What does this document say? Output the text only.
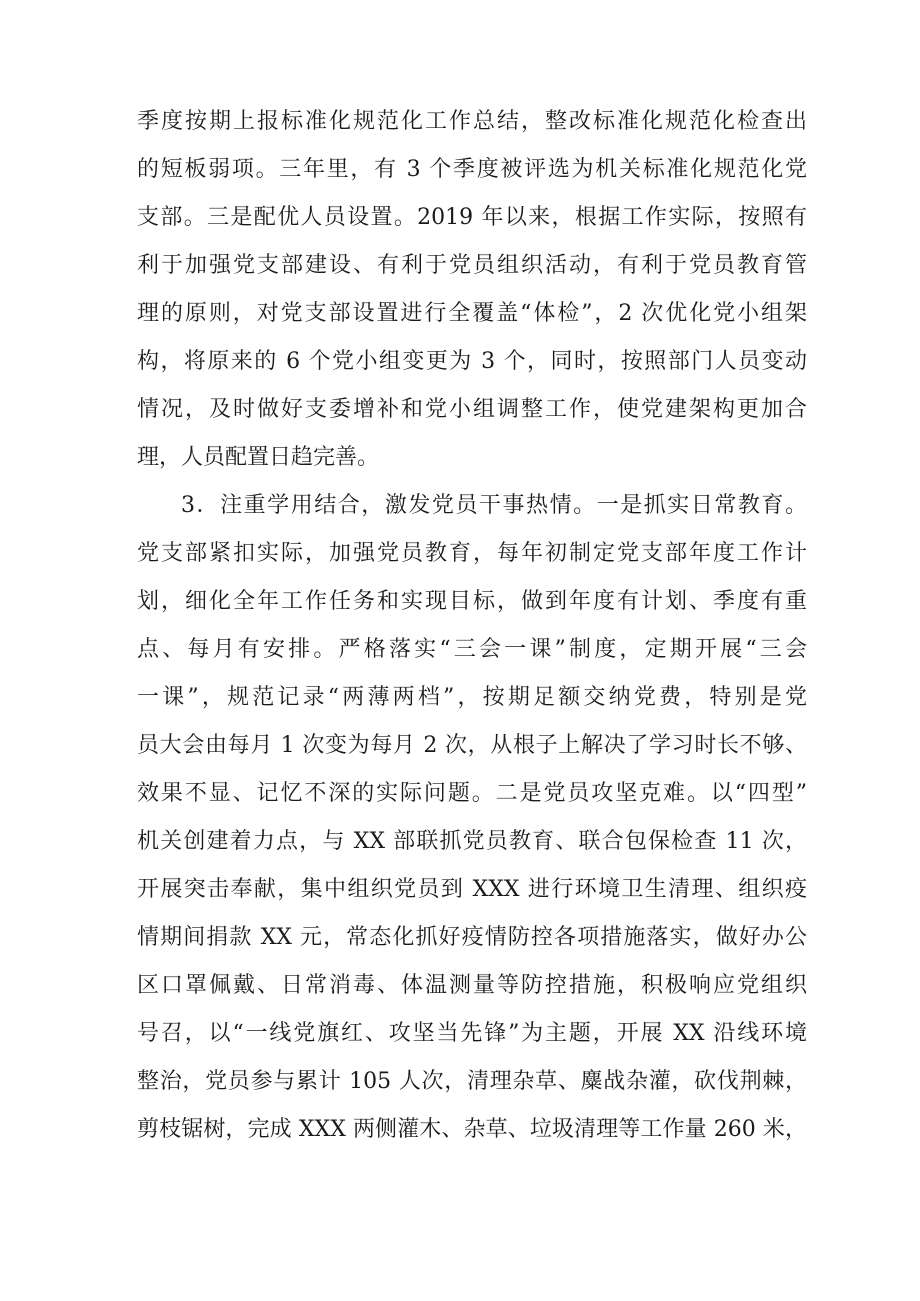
季度按期上报标准化规范化工作总结，整改标准化规范化检查出
的短板弱项。三年里，有 3 个季度被评选为机关标准化规范化党
支部。三是配优人员设置。2019 年以来，根据工作实际，按照有
利于加强党支部建设、有利于党员组织活动，有利于党员教育管
理的原则，对党支部设置进行全覆盖“体检”，2 次优化党小组架
构，将原来的 6 个党小组变更为 3 个，同时，按照部门人员变动
情况，及时做好支委增补和党小组调整工作，使党建架构更加合
理，人员配置日趋完善。
3．注重学用结合，激发党员干事热情。一是抓实日常教育。
党支部紧扣实际，加强党员教育，每年初制定党支部年度工作计
划，细化全年工作任务和实现目标，做到年度有计划、季度有重
点、每月有安排。严格落实“三会一课”制度，定期开展“三会
一课”，规范记录“两薄两档”，按期足额交纳党费，特别是党
员大会由每月 1 次变为每月 2 次，从根子上解决了学习时长不够、
效果不显、记忆不深的实际问题。二是党员攻坚克难。以“四型”
机关创建着力点，与 XX 部联抓党员教育、联合包保检查 11 次，
开展突击奉献，集中组织党员到 XXX 进行环境卫生清理、组织疫
情期间捐款 XX 元，常态化抓好疫情防控各项措施落实，做好办公
区口罩佩戴、日常消毒、体温测量等防控措施，积极响应党组织
号召，以“一线党旗红、攻坚当先锋”为主题，开展 XX 沿线环境
整治，党员参与累计 105 人次，清理杂草、麋战杂灌，砍伐荆棘，
剪枝锯树，完成 XXX 两侧灌木、杂草、垃圾清理等工作量 260 米，
